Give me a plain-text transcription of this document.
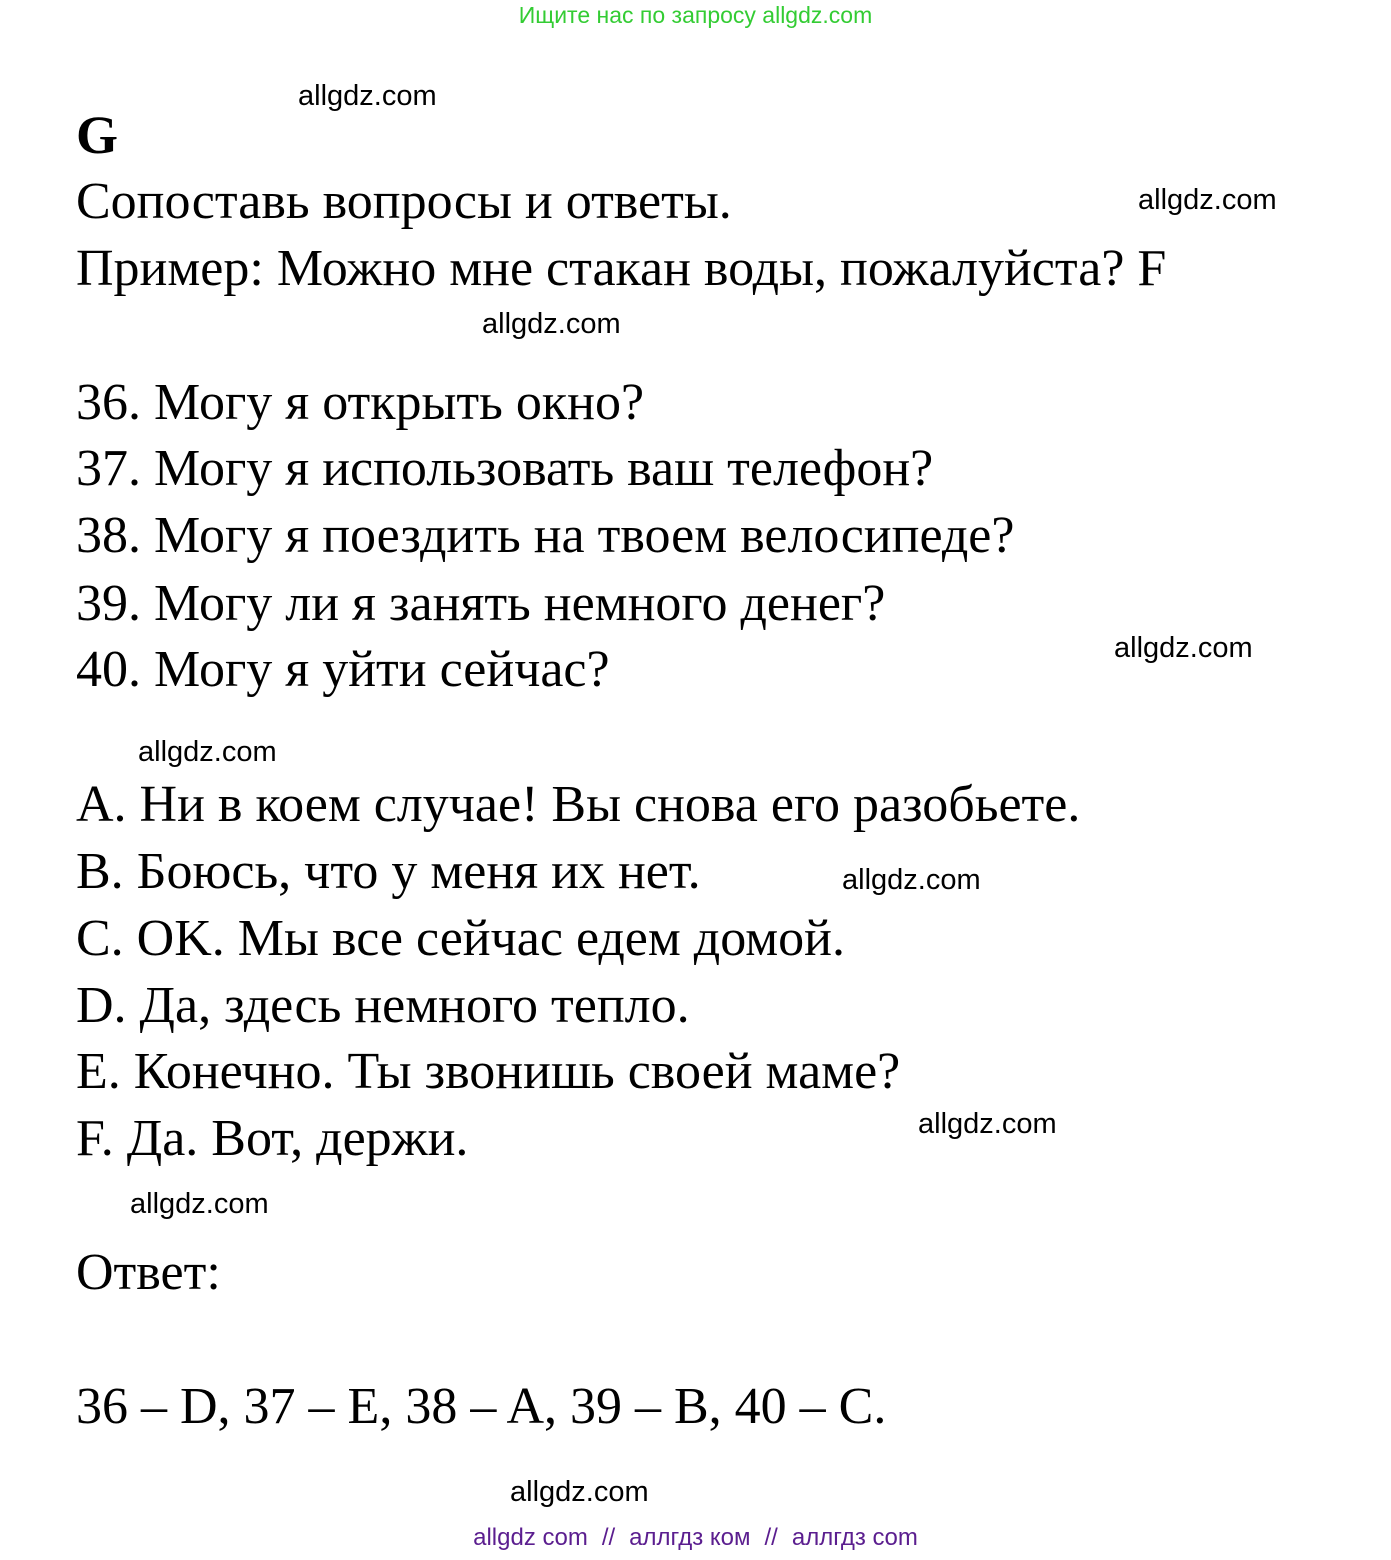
Ищите нас по запросу allgdz.com
allgdz.com
allgdz.com
allgdz.com
allgdz.com
allgdz.com
allgdz.com
allgdz.com
allgdz.com
allgdz.com
G
Сопоставь вопросы и ответы.
Пример: Можно мне стакан воды, пожалуйста? F
36. Могу я открыть окно?
37. Могу я использовать ваш телефон?
38. Могу я поездить на твоем велосипеде?
39. Могу ли я занять немного денег?
40. Могу я уйти сейчас?
A. Ни в коем случае! Вы снова его разобьете.
B. Боюсь, что у меня их нет.
C. OK. Мы все сейчас едем домой.
D. Да, здесь немного тепло.
E. Конечно. Ты звонишь своей маме?
F. Да. Вот, держи.
Ответ:
36 – D, 37 – E, 38 – A, 39 – B, 40 – C.
allgdz com // аллгдз ком // аллгдз com
